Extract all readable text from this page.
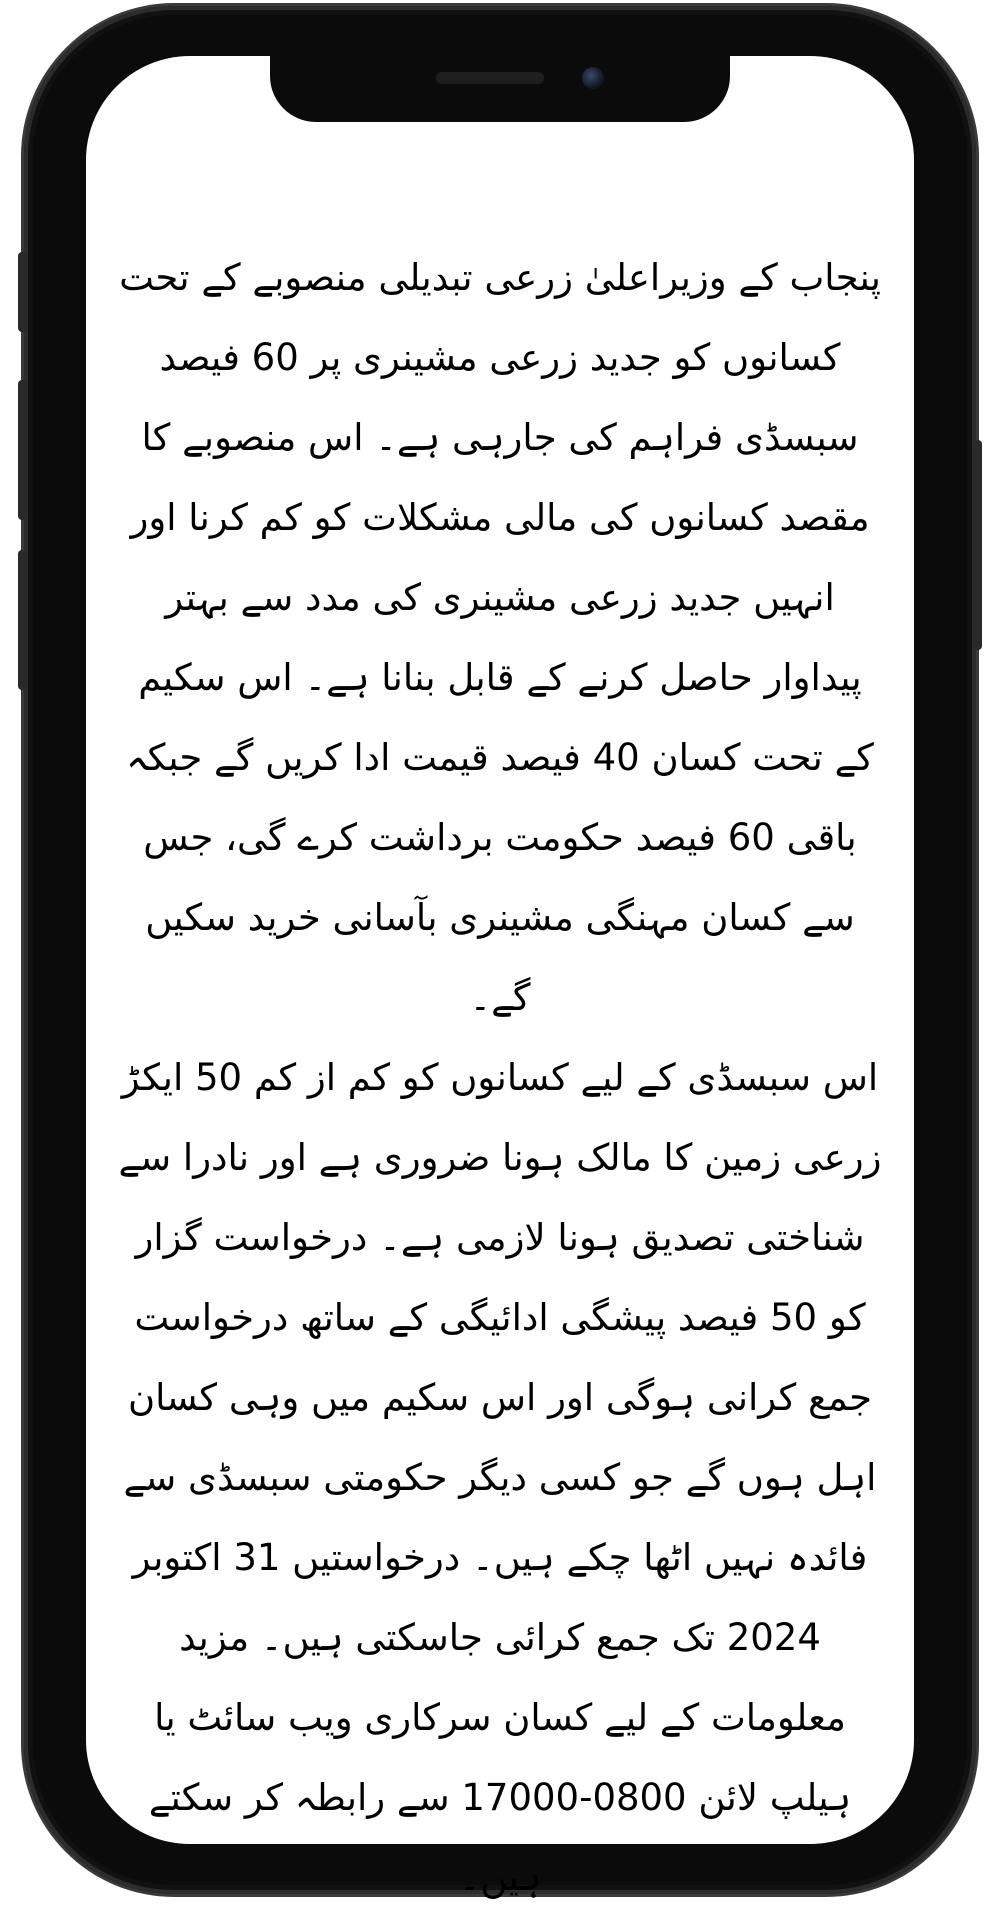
پنجاب کے وزیراعلیٰ زرعی تبدیلی منصوبے کے تحت کسانوں کو جدید زرعی مشینری پر 60 فیصد سبسڈی فراہم کی جارہی ہے۔ اس منصوبے کا مقصد کسانوں کی مالی مشکلات کو کم کرنا اور انہیں جدید زرعی مشینری کی مدد سے بہتر پیداوار حاصل کرنے کے قابل بنانا ہے۔ اس سکیم کے تحت کسان 40 فیصد قیمت ادا کریں گے جبکہ باقی 60 فیصد حکومت برداشت کرے گی، جس سے کسان مہنگی مشینری بآسانی خرید سکیں گے۔

اس سبسڈی کے لیے کسانوں کو کم از کم 50 ایکڑ زرعی زمین کا مالک ہونا ضروری ہے اور نادرا سے شناختی تصدیق ہونا لازمی ہے۔ درخواست گزار کو 50 فیصد پیشگی ادائیگی کے ساتھ درخواست جمع کرانی ہوگی اور اس سکیم میں وہی کسان اہل ہوں گے جو کسی دیگر حکومتی سبسڈی سے فائدہ نہیں اٹھا چکے ہیں۔ درخواستیں 31 اکتوبر 2024 تک جمع کرائی جاسکتی ہیں۔ مزید معلومات کے لیے کسان سرکاری ویب سائٹ یا ہیلپ لائن 0800-17000 سے رابطہ کر سکتے ہیں۔
